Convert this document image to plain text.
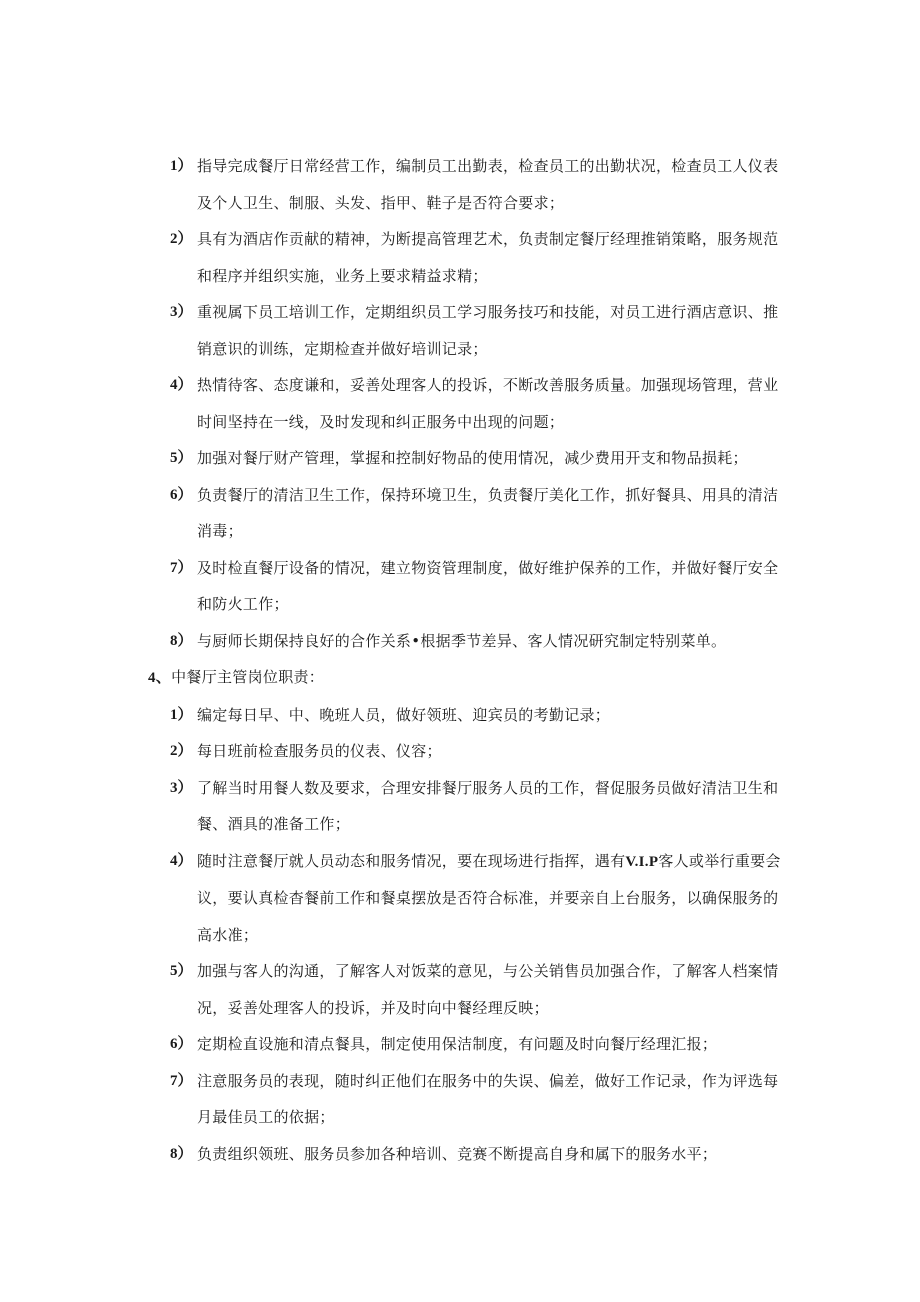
1） 指导完成餐厅日常经营工作，编制员工出勤表，检查员工的出勤状况，检查员工人仪表及个人卫生、制服、头发、指甲、鞋子是否符合要求；
2） 具有为酒店作贡献的精神，为断提高管理艺术，负责制定餐厅经理推销策略，服务规范和程序并组织实施，业务上要求精益求精；
3） 重视属下员工培训工作，定期组织员工学习服务技巧和技能，对员工进行酒店意识、推销意识的训练，定期检查并做好培训记录；
4） 热情待客、态度谦和，妥善处理客人的投诉，不断改善服务质量。加强现场管理，营业时间坚持在一线，及时发现和纠正服务中出现的问题；
5） 加强对餐厅财产管理，掌握和控制好物品的使用情况，减少费用开支和物品损耗；
6） 负责餐厅的清洁卫生工作，保持环境卫生，负责餐厅美化工作，抓好餐具、用具的清洁消毒；
7） 及时检直餐厅设备的情况，建立物资管理制度，做好维护保养的工作，并做好餐厅安全和防火工作；
8） 与厨师长期保持良好的合作关系•根据季节差异、客人情况研究制定特别菜单。
4、中餐厅主管岗位职责：
1） 编定每日早、中、晚班人员，做好领班、迎宾员的考勤记录；
2） 每日班前检查服务员的仪表、仪容；
3） 了解当时用餐人数及要求，合理安排餐厅服务人员的工作，督促服务员做好清洁卫生和餐、酒具的准备工作；
4） 随时注意餐厅就人员动态和服务情况，要在现场进行指挥，遇有V.I.P客人或举行重要会议，要认真检杳餐前工作和餐桌摆放是否符合标准，并要亲自上台服务，以确保服务的高水准；
5） 加强与客人的沟通，了解客人对饭菜的意见，与公关销售员加强合作，了解客人档案情况，妥善处理客人的投诉，并及时向中餐经理反映；
6） 定期检直设施和清点餐具，制定使用保洁制度，有问题及时向餐厅经理汇报；
7） 注意服务员的表现，随时纠正他们在服务中的失误、偏差，做好工作记录，作为评选每月最佳员工的依据；
8） 负责组织领班、服务员参加各种培训、竞赛不断提高自身和属下的服务水平；
